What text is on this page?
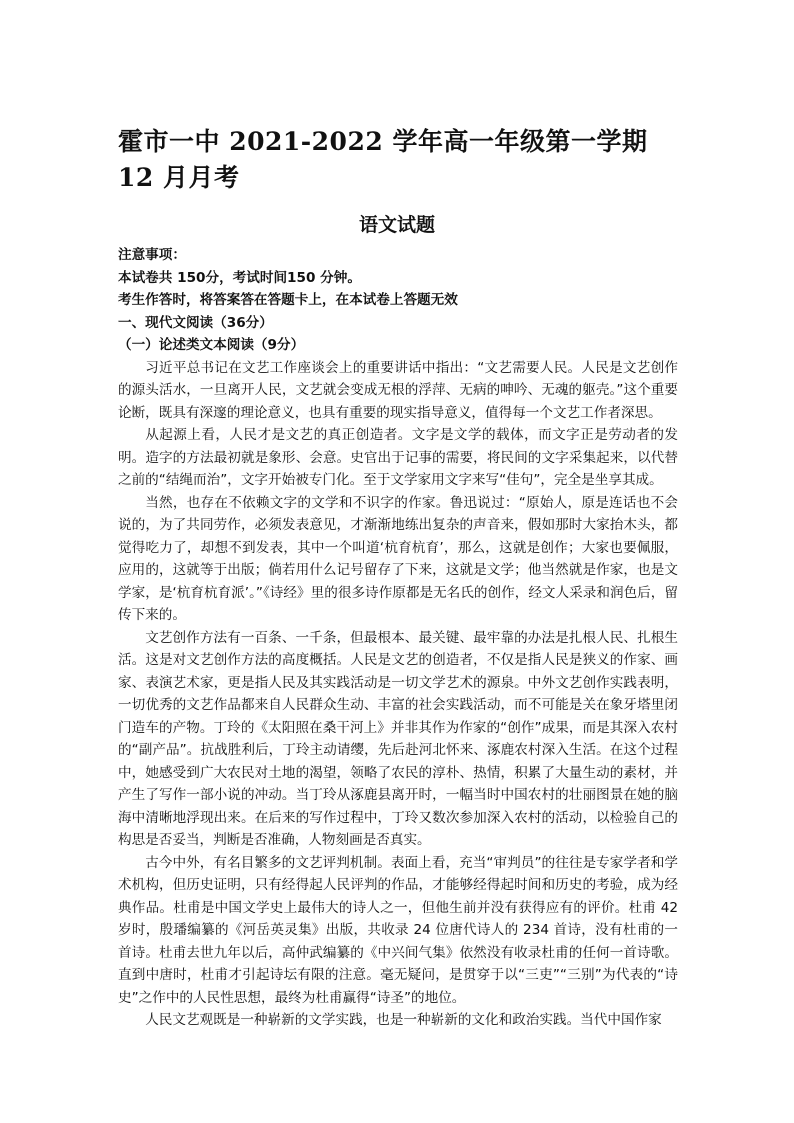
霍市一中 2021-2022 学年高一年级第一学期 12 月月考
语文试题

注意事项：

本试卷共 150分，考试时间150 分钟。

考生作答时，将答案答在答题卡上，在本试卷上答题无效

一、现代文阅读（36分）
（一）论述类文本阅读（9分）

习近平总书记在文艺工作座谈会上的重要讲话中指出：“文艺需要人民。人民是文艺创作的源头活水，一旦离开人民，文艺就会变成无根的浮萍、无病的呻吟、无魂的躯壳。”这个重要论断，既具有深邃的理论意义，也具有重要的现实指导意义，值得每一个文艺工作者深思。

从起源上看，人民才是文艺的真正创造者。文字是文学的载体，而文字正是劳动者的发明。造字的方法最初就是象形、会意。史官出于记事的需要，将民间的文字采集起来，以代替之前的“结绳而治”，文字开始被专门化。至于文学家用文字来写“佳句”，完全是坐享其成。

当然，也存在不依赖文字的文学和不识字的作家。鲁迅说过：“原始人，原是连话也不会说的，为了共同劳作，必须发表意见，才渐渐地练出复杂的声音来，假如那时大家抬木头，都觉得吃力了，却想不到发表，其中一个叫道‘杭育杭育’，那么，这就是创作；大家也要佩服，应用的，这就等于出版；倘若用什么记号留存了下来，这就是文学；他当然就是作家，也是文学家，是‘杭育杭育派’。”《诗经》里的很多诗作原都是无名氏的创作，经文人采录和润色后，留传下来的。

文艺创作方法有一百条、一千条，但最根本、最关键、最牢靠的办法是扎根人民、扎根生活。这是对文艺创作方法的高度概括。人民是文艺的创造者，不仅是指人民是狭义的作家、画家、表演艺术家，更是指人民及其实践活动是一切文学艺术的源泉。中外文艺创作实践表明，一切优秀的文艺作品都来自人民群众生动、丰富的社会实践活动，而不可能是关在象牙塔里闭门造车的产物。丁玲的《太阳照在桑干河上》并非其作为作家的“创作”成果，而是其深入农村的“副产品”。抗战胜利后，丁玲主动请缨，先后赴河北怀来、涿鹿农村深入生活。在这个过程中，她感受到广大农民对土地的渴望，领略了农民的淳朴、热情，积累了大量生动的素材，并产生了写作一部小说的冲动。当丁玲从涿鹿县离开时，一幅当时中国农村的壮丽图景在她的脑海中清晰地浮现出来。在后来的写作过程中，丁玲又数次参加深入农村的活动，以检验自己的构思是否妥当，判断是否准确，人物刻画是否真实。

古今中外，有名目繁多的文艺评判机制。表面上看，充当“审判员”的往往是专家学者和学术机构，但历史证明，只有经得起人民评判的作品，才能够经得起时间和历史的考验，成为经典作品。杜甫是中国文学史上最伟大的诗人之一，但他生前并没有获得应有的评价。杜甫 42岁时，殷璠编纂的《河岳英灵集》出版，共收录 24 位唐代诗人的 234 首诗，没有杜甫的一首诗。杜甫去世九年以后，高仲武编纂的《中兴间气集》依然没有收录杜甫的任何一首诗歌。直到中唐时，杜甫才引起诗坛有限的注意。毫无疑问，是贯穿于以“三吏”“三别”为代表的“诗史”之作中的人民性思想，最终为杜甫赢得“诗圣”的地位。

人民文艺观既是一种崭新的文学实践，也是一种崭新的文化和政治实践。当代中国作家
